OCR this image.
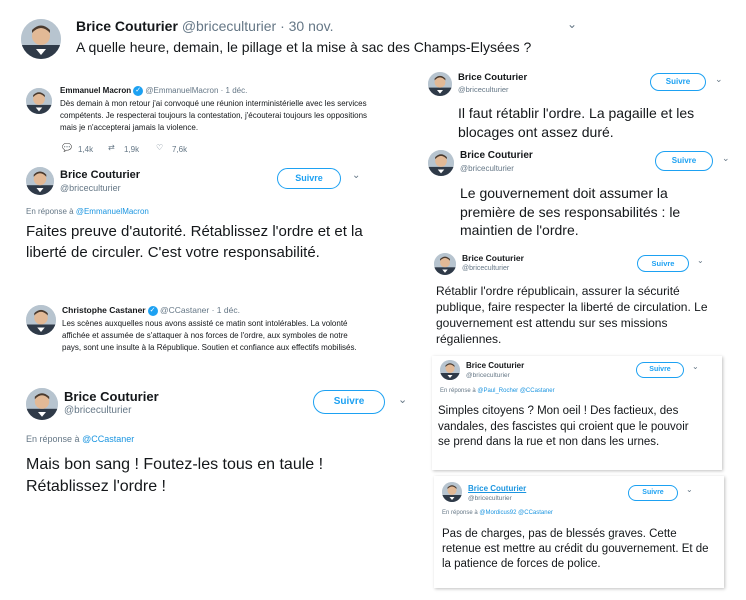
Brice Couturier @briceculturier · 30 nov.	⌄
A quelle heure, demain, le pillage et la mise à sac des Champs-Elysées ?
Emmanuel Macron ✓ @EmmanuelMacron · 1 déc.
Dès demain à mon retour j'ai convoqué une réunion interministérielle avec les services compétents. Je respecterai toujours la contestation, j'écouterai toujours les oppositions mais je n'accepterai jamais la violence.
💬 1,4k ⇄ 1,9k ♡ 7,6k
Brice Couturier
@briceculturier
Suivre	⌄
En réponse à @EmmanuelMacron
Faites preuve d'autorité. Rétablissez l'ordre et et la liberté de circuler. C'est votre responsabilité.
Christophe Castaner ✓ @CCastaner · 1 déc.
Les scènes auxquelles nous avons assisté ce matin sont intolérables. La volonté affichée et assumée de s'attaquer à nos forces de l'ordre, aux symboles de notre pays, sont une insulte à la République. Soutien et confiance aux effectifs mobilisés.
Brice Couturier
@briceculturier
Suivre	⌄
En réponse à @CCastaner
Mais bon sang ! Foutez-les tous en taule ! Rétablissez l'ordre !
Brice Couturier
@briceculturier
Suivre	⌄
Il faut rétablir l'ordre. La pagaille et les blocages ont assez duré.
Brice Couturier
@briceculturier
Suivre	⌄
Le gouvernement doit assumer la première de ses responsabilités : le maintien de l'ordre.
Brice Couturier
@briceculturier
Suivre	⌄
Rétablir l'ordre républicain, assurer la sécurité publique, faire respecter la liberté de circulation. Le gouvernement est attendu sur ses missions régaliennes.
Brice Couturier
@briceculturier
Suivre	⌄
En réponse à @Paul_Rocher @CCastaner
Simples citoyens ? Mon oeil ! Des factieux, des vandales, des fascistes qui croient que le pouvoir se prend dans la rue et non dans les urnes.
Brice Couturier
@briceculturier
Suivre	⌄
En réponse à @Mordicus92 @CCastaner
Pas de charges, pas de blessés graves. Cette retenue est mettre au crédit du gouvernement. Et de la patience de forces de police.
